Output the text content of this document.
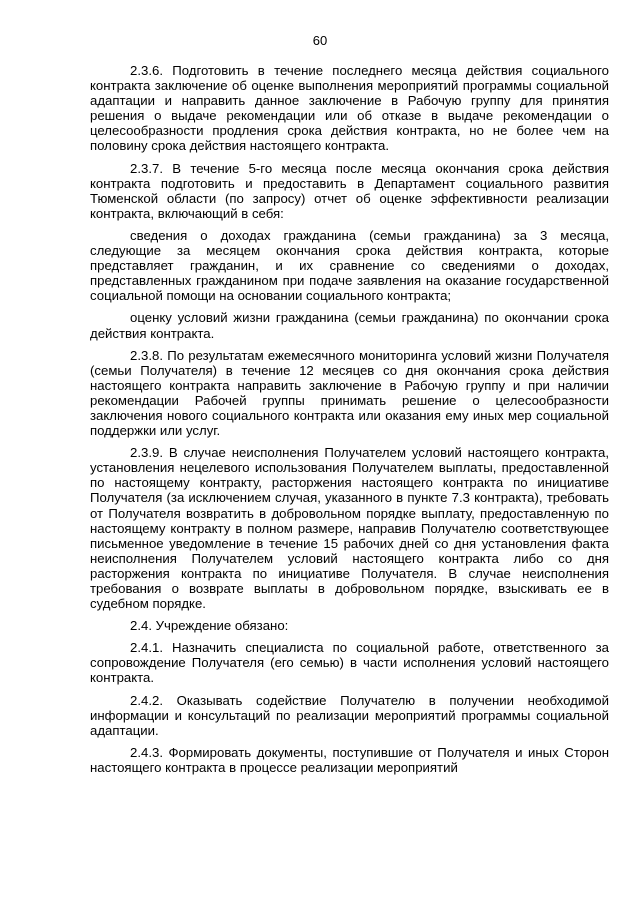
60

2.3.6. Подготовить в течение последнего месяца действия социального контракта заключение об оценке выполнения мероприятий программы социальной адаптации и направить данное заключение в Рабочую группу для принятия решения о выдаче рекомендации или об отказе в выдаче рекомендации о целесообразности продления срока действия контракта, но не более чем на половину срока действия настоящего контракта.

2.3.7. В течение 5-го месяца после месяца окончания срока действия контракта подготовить и предоставить в Департамент социального развития Тюменской области (по запросу) отчет об оценке эффективности реализации контракта, включающий в себя:

сведения о доходах гражданина (семьи гражданина) за 3 месяца, следующие за месяцем окончания срока действия контракта, которые представляет гражданин, и их сравнение со сведениями о доходах, представленных гражданином при подаче заявления на оказание государственной социальной помощи на основании социального контракта;

оценку условий жизни гражданина (семьи гражданина) по окончании срока действия контракта.

2.3.8. По результатам ежемесячного мониторинга условий жизни Получателя (семьи Получателя) в течение 12 месяцев со дня окончания срока действия настоящего контракта направить заключение в Рабочую группу и при наличии рекомендации Рабочей группы принимать решение о целесообразности заключения нового социального контракта или оказания ему иных мер социальной поддержки или услуг.

2.3.9. В случае неисполнения Получателем условий настоящего контракта, установления нецелевого использования Получателем выплаты, предоставленной по настоящему контракту, расторжения настоящего контракта по инициативе Получателя (за исключением случая, указанного в пункте 7.3 контракта), требовать от Получателя возвратить в добровольном порядке выплату, предоставленную по настоящему контракту в полном размере, направив Получателю соответствующее письменное уведомление в течение 15 рабочих дней со дня установления факта неисполнения Получателем условий настоящего контракта либо со дня расторжения контракта по инициативе Получателя. В случае неисполнения требования о возврате выплаты в добровольном порядке, взыскивать ее в судебном порядке.

2.4. Учреждение обязано:

2.4.1. Назначить специалиста по социальной работе, ответственного за сопровождение Получателя (его семью) в части исполнения условий настоящего контракта.

2.4.2. Оказывать содействие Получателю в получении необходимой информации и консультаций по реализации мероприятий программы социальной адаптации.

2.4.3. Формировать документы, поступившие от Получателя и иных Сторон настоящего контракта в процессе реализации мероприятий
